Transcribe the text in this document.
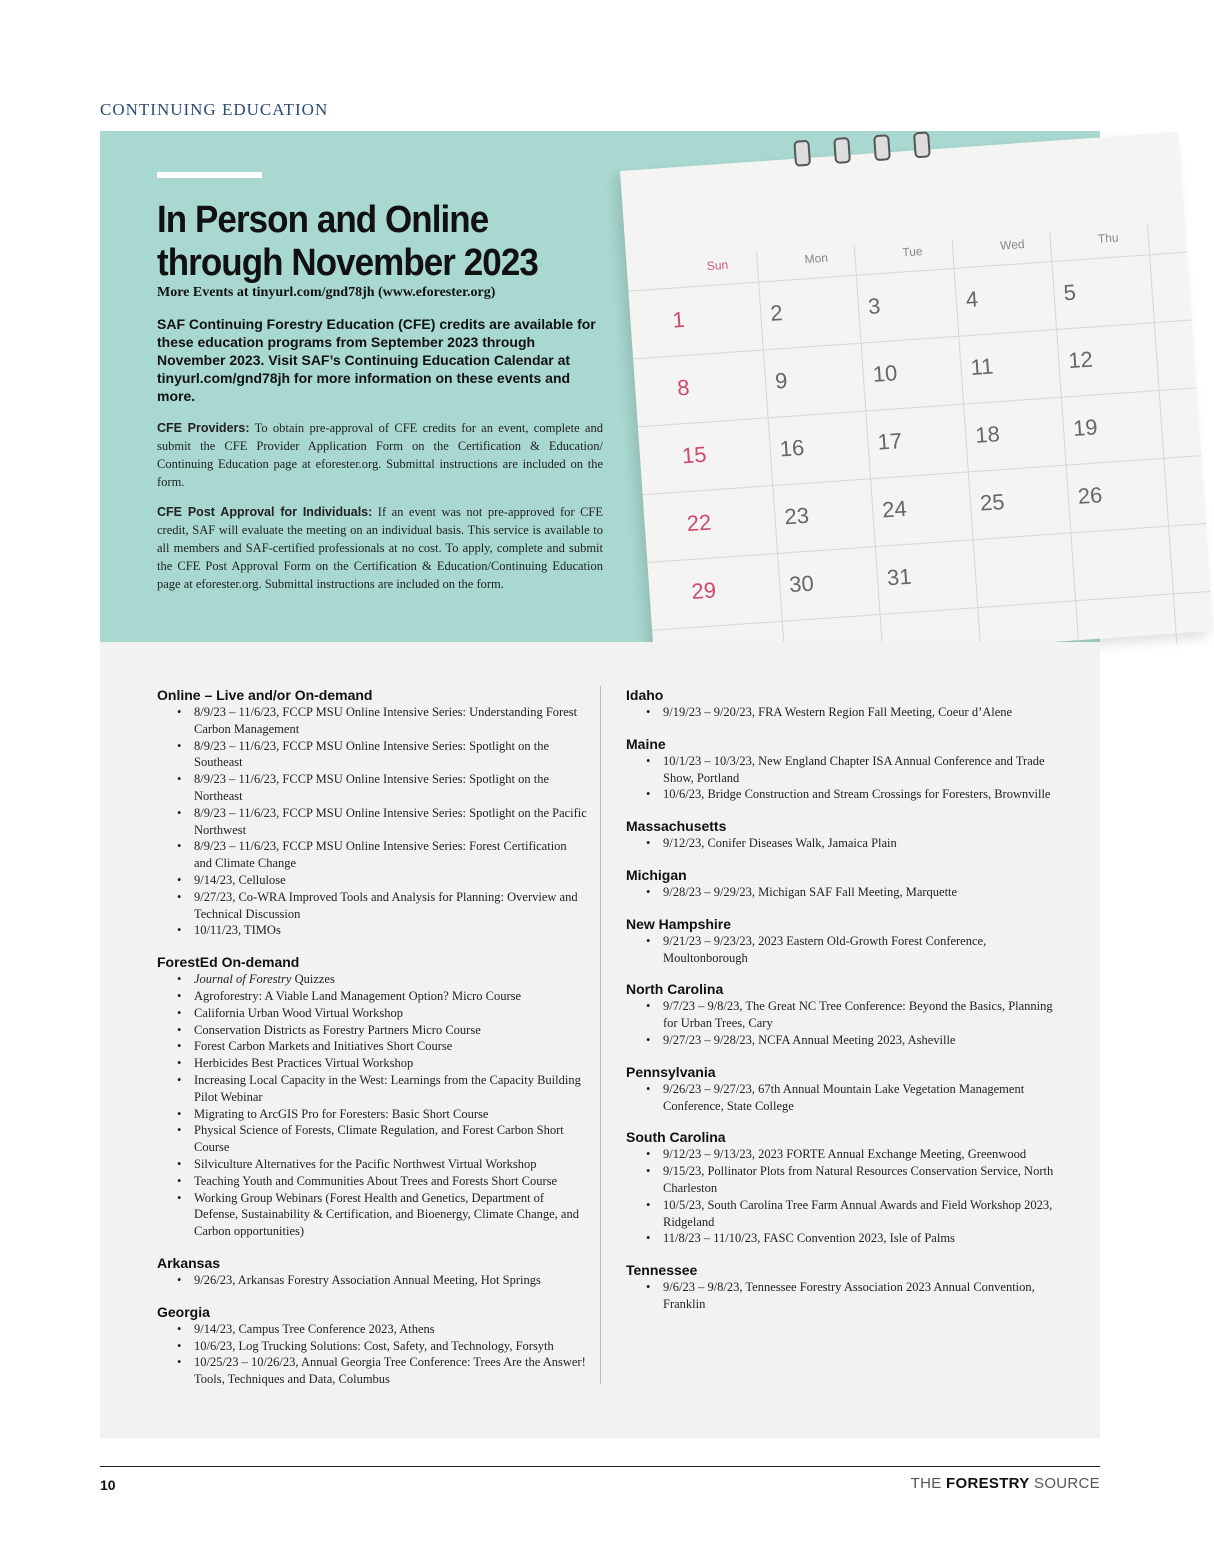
CONTINUING EDUCATION
In Person and Online
through November 2023
More Events at tinyurl.com/gnd78jh (www.eforester.org)
SAF Continuing Forestry Education (CFE) credits are available for these education programs from September 2023 through November 2023. Visit SAF’s Continuing Education Calendar at tinyurl.com/gnd78jh for more information on these events and more.
CFE Providers: To obtain pre-approval of CFE credits for an event, complete and submit the CFE Provider Application Form on the Certification & Education/ Continuing Education page at eforester.org. Submittal instructions are included on the form.
CFE Post Approval for Individuals: If an event was not pre-approved for CFE credit, SAF will evaluate the meeting on an individual basis. This service is available to all members and SAF-certified professionals at no cost. To apply, complete and submit the CFE Post Approval Form on the Certification & Education/Continuing Education page at eforester.org. Submittal instructions are included on the form.
Sun	Mon	Tue	Wed	Thu
1	2	3	4	5
8	9	10	11	12
15	16	17	18	19
22	23	24	25	26
29	30	31
Online – Live and/or On-demand
• 8/9/23 – 11/6/23, FCCP MSU Online Intensive Series: Understanding Forest Carbon Management
• 8/9/23 – 11/6/23, FCCP MSU Online Intensive Series: Spotlight on the Southeast
• 8/9/23 – 11/6/23, FCCP MSU Online Intensive Series: Spotlight on the Northeast
• 8/9/23 – 11/6/23, FCCP MSU Online Intensive Series: Spotlight on the Pacific Northwest
• 8/9/23 – 11/6/23, FCCP MSU Online Intensive Series: Forest Certification and Climate Change
• 9/14/23, Cellulose
• 9/27/23, Co-WRA Improved Tools and Analysis for Planning: Overview and Technical Discussion
• 10/11/23, TIMOs
ForestEd On-demand
• Journal of Forestry Quizzes
• Agroforestry: A Viable Land Management Option? Micro Course
• California Urban Wood Virtual Workshop
• Conservation Districts as Forestry Partners Micro Course
• Forest Carbon Markets and Initiatives Short Course
• Herbicides Best Practices Virtual Workshop
• Increasing Local Capacity in the West: Learnings from the Capacity Building Pilot Webinar
• Migrating to ArcGIS Pro for Foresters: Basic Short Course
• Physical Science of Forests, Climate Regulation, and Forest Carbon Short Course
• Silviculture Alternatives for the Pacific Northwest Virtual Workshop
• Teaching Youth and Communities About Trees and Forests Short Course
• Working Group Webinars (Forest Health and Genetics, Department of Defense, Sustainability & Certification, and Bioenergy, Climate Change, and Carbon opportunities)
Arkansas
• 9/26/23, Arkansas Forestry Association Annual Meeting, Hot Springs
Georgia
• 9/14/23, Campus Tree Conference 2023, Athens
• 10/6/23, Log Trucking Solutions: Cost, Safety, and Technology, Forsyth
• 10/25/23 – 10/26/23, Annual Georgia Tree Conference: Trees Are the Answer! Tools, Techniques and Data, Columbus
Idaho
• 9/19/23 – 9/20/23, FRA Western Region Fall Meeting, Coeur d’Alene
Maine
• 10/1/23 – 10/3/23, New England Chapter ISA Annual Conference and Trade Show, Portland
• 10/6/23, Bridge Construction and Stream Crossings for Foresters, Brownville
Massachusetts
• 9/12/23, Conifer Diseases Walk, Jamaica Plain
Michigan
• 9/28/23 – 9/29/23, Michigan SAF Fall Meeting, Marquette
New Hampshire
• 9/21/23 – 9/23/23, 2023 Eastern Old-Growth Forest Conference, Moultonborough
North Carolina
• 9/7/23 – 9/8/23, The Great NC Tree Conference: Beyond the Basics, Planning for Urban Trees, Cary
• 9/27/23 – 9/28/23, NCFA Annual Meeting 2023, Asheville
Pennsylvania
• 9/26/23 – 9/27/23, 67th Annual Mountain Lake Vegetation Management Conference, State College
South Carolina
• 9/12/23 – 9/13/23, 2023 FORTE Annual Exchange Meeting, Greenwood
• 9/15/23, Pollinator Plots from Natural Resources Conservation Service, North Charleston
• 10/5/23, South Carolina Tree Farm Annual Awards and Field Workshop 2023, Ridgeland
• 11/8/23 – 11/10/23, FASC Convention 2023, Isle of Palms
Tennessee
• 9/6/23 – 9/8/23, Tennessee Forestry Association 2023 Annual Convention, Franklin
10	THE FORESTRY SOURCE
